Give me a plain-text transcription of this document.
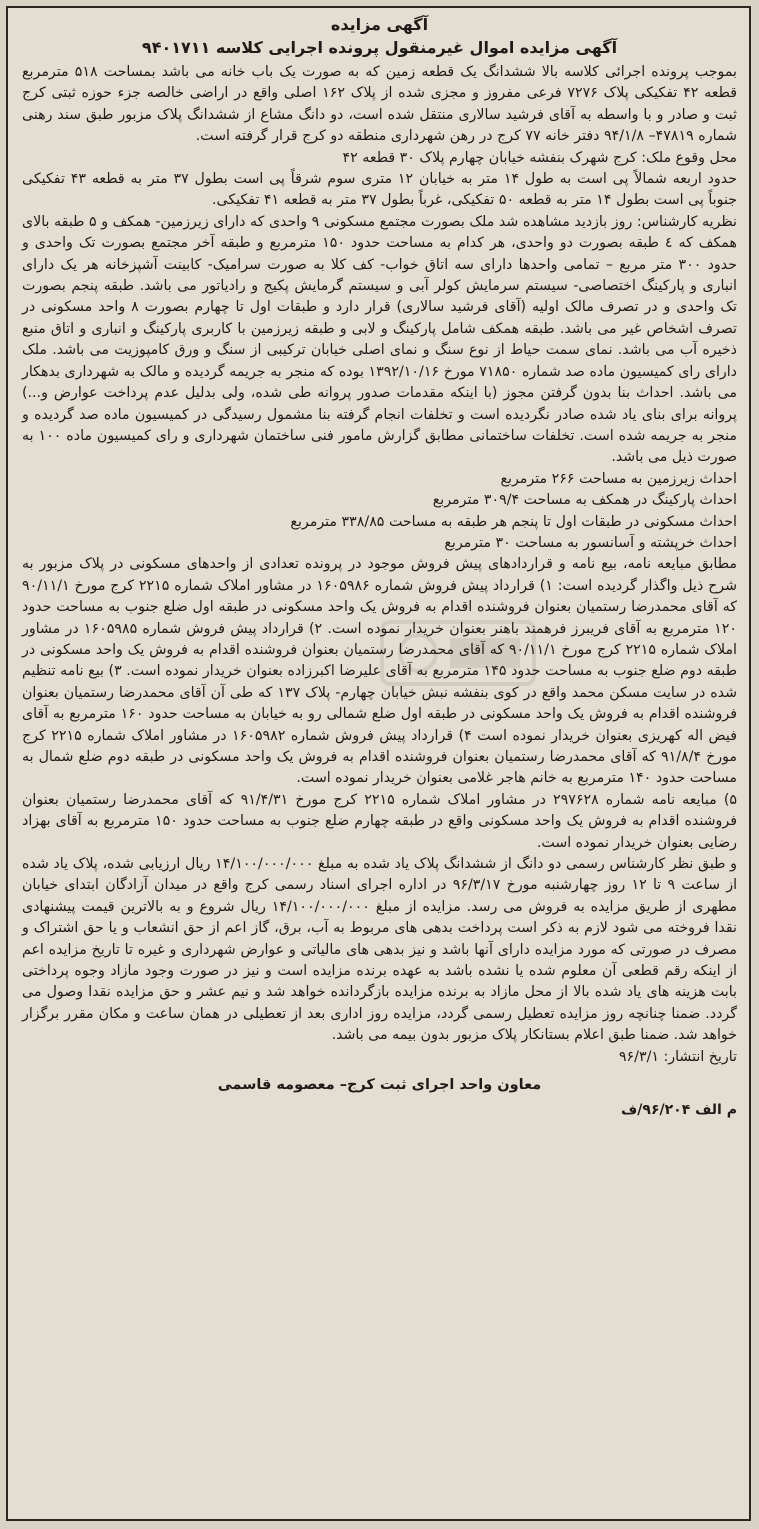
آگهی مزایده

آگهی مزایده اموال غیرمنقول پرونده اجرایی کلاسه ۹۴۰۱۷۱۱

بموجب پرونده اجرائی کلاسه بالا ششدانگ یک قطعه زمین که به صورت یک باب خانه می باشد بمساحت ۵۱۸ مترمربع قطعه ۴۲ تفکیکی پلاک ۷۲۷۶ فرعی مفروز و مجزی شده از پلاک ۱۶۲ اصلی واقع در اراضی خالصه جزء حوزه ثبتی کرج ثبت و صادر و با واسطه به آقای فرشید سالاری منتقل شده است، دو دانگ مشاع از ششدانگ پلاک مزبور طبق سند رهنی شماره ۴۷۸۱۹– ۹۴/۱/۸ دفتر خانه ۷۷ کرج در رهن شهرداری منطقه دو کرج قرار گرفته است.

محل وقوع ملک: کرج شهرک بنفشه خیابان چهارم پلاک ۳۰ قطعه ۴۲

حدود اربعه شمالاً پی است به طول ۱۴ متر به خیابان ۱۲ متری سوم شرقاً پی است بطول ۳۷ متر به قطعه ۴۳ تفکیکی جنوباً پی است بطول ۱۴ متر به قطعه ۵۰ تفکیکی، غرباً بطول ۳۷ متر به قطعه ۴۱ تفکیکی.

نظریه کارشناس: روز بازدید مشاهده شد ملک بصورت مجتمع مسکونی ۹ واحدی که دارای زیرزمین- همکف و ۵ طبقه بالای همکف که ٤ طبقه بصورت دو واحدی، هر کدام به مساحت حدود ۱۵۰ مترمربع و طبقه آخر مجتمع بصورت تک واحدی و حدود ۳۰۰ متر مربع – تمامی واحدها دارای سه اتاق خواب- کف کلا به صورت سرامیک- کابینت آشپزخانه هر یک دارای انباری و پارکینگ اختصاصی- سیستم سرمایش کولر آبی و سیستم گرمایش پکیج و رادیاتور می باشد. طبقه پنجم بصورت تک واحدی و در تصرف مالک اولیه (آقای فرشید سالاری) قرار دارد و طبقات اول تا چهارم بصورت ۸ واحد مسکونی در تصرف اشخاص غیر می باشد. طبقه همکف شامل پارکینگ و لابی و طبقه زیرزمین با کاربری پارکینگ و انباری و اتاق منبع ذخیره آب می باشد. نمای سمت حیاط از نوع سنگ و نمای اصلی خیابان ترکیبی از سنگ و ورق کامپوزیت می باشد. ملک دارای رای کمیسیون ماده صد شماره ۷۱۸۵۰ مورخ ۱۳۹۲/۱۰/۱۶ بوده که منجر به جریمه گردیده و مالک به شهرداری بدهکار می باشد. احداث بنا بدون گرفتن مجوز (با اینکه مقدمات صدور پروانه طی شده، ولی بدلیل عدم پرداخت عوارض و...) پروانه برای بنای یاد شده صادر نگردیده است و تخلفات انجام گرفته بنا مشمول رسیدگی در کمیسیون ماده صد گردیده و منجر به جریمه شده است. تخلفات ساختمانی مطابق گزارش مامور فنی ساختمان شهرداری و رای کمیسیون ماده ۱۰۰ به صورت ذیل می باشد.

احداث زیرزمین به مساحت ۲۶۶ مترمربع

احداث پارکینگ در همکف به مساحت ۳۰۹/۴ مترمربع

احداث مسکونی در طبقات اول تا پنجم هر طبقه به مساحت ۳۳۸/۸۵ مترمربع

احداث خرپشته و آسانسور به مساحت ۳۰ مترمربع

مطابق مبایعه نامه، بیع نامه و قراردادهای پیش فروش موجود در پرونده تعدادی از واحدهای مسکونی در پلاک مزبور به شرح ذیل واگذار گردیده است: ۱) قرارداد پیش فروش شماره ۱۶۰۵۹۸۶ در مشاور املاک شماره ۲۲۱۵ کرج مورخ ۹۰/۱۱/۱ که آقای محمدرضا رستمیان بعنوان فروشنده اقدام به فروش یک واحد مسکونی در طبقه اول ضلع جنوب به مساحت حدود ۱۲۰ مترمربع به آقای فریبرز فرهمند باهنر بعنوان خریدار نموده است. ۲) قرارداد پیش فروش شماره ۱۶۰۵۹۸۵ در مشاور املاک شماره ۲۲۱۵ کرج مورخ ۹۰/۱۱/۱ که آقای محمدرضا رستمیان بعنوان فروشنده اقدام به فروش یک واحد مسکونی در طبقه دوم ضلع جنوب به مساحت حدود ۱۴۵ مترمربع به آقای علیرضا اکبرزاده بعنوان خریدار نموده است. ۳) بیع نامه تنظیم شده در سایت مسکن محمد واقع در کوی بنفشه نبش خیابان چهارم- پلاک ۱۳۷ که طی آن آقای محمدرضا رستمیان بعنوان فروشنده اقدام به فروش یک واحد مسکونی در طبقه اول ضلع شمالی رو به خیابان به مساحت حدود ۱۶۰ مترمربع به آقای فیض اله کهریزی بعنوان خریدار نموده است ۴) قرارداد پیش فروش شماره ۱۶۰۵۹۸۲ در مشاور املاک شماره ۲۲۱۵ کرج مورخ ۹۱/۸/۴ که آقای محمدرضا رستمیان بعنوان فروشنده اقدام به فروش یک واحد مسکونی در طبقه دوم ضلع شمال به مساحت حدود ۱۴۰ مترمربع به خانم هاجر غلامی بعنوان خریدار نموده است.

۵) مبایعه نامه شماره ۲۹۷۶۲۸ در مشاور املاک شماره ۲۲۱۵ کرج مورخ ۹۱/۴/۳۱ که آقای محمدرضا رستمیان بعنوان فروشنده اقدام به فروش یک واحد مسکونی واقع در طبقه چهارم ضلع جنوب به مساحت حدود ۱۵۰ مترمربع به آقای بهزاد رضایی بعنوان خریدار نموده است.

و طبق نظر کارشناس رسمی دو دانگ از ششدانگ پلاک یاد شده به مبلغ ۱۴/۱۰۰/۰۰۰/۰۰۰ ریال ارزیابی شده، پلاک یاد شده از ساعت ۹ تا ۱۲ روز چهارشنبه مورخ ۹۶/۳/۱۷ در اداره اجرای اسناد رسمی کرج واقع در میدان آزادگان ابتدای خیابان مطهری از طریق مزایده به فروش می رسد. مزایده از مبلغ ۱۴/۱۰۰/۰۰۰/۰۰۰ ریال شروع و به بالاترین قیمت پیشنهادی نقدا فروخته می شود لازم به ذکر است پرداخت بدهی های مربوط به آب، برق، گاز اعم از حق انشعاب و یا حق اشتراک و مصرف در صورتی که مورد مزایده دارای آنها باشد و نیز بدهی های مالیاتی و عوارض شهرداری و غیره تا تاریخ مزایده اعم از اینکه رقم قطعی آن معلوم شده یا نشده باشد به عهده برنده مزایده است و نیز در صورت وجود مازاد وجوه پرداختی بابت هزینه های یاد شده بالا از محل مازاد به برنده مزایده بازگردانده خواهد شد و نیم عشر و حق مزایده نقدا وصول می گردد. ضمنا چنانچه روز مزایده تعطیل رسمی گردد، مزایده روز اداری بعد از تعطیلی در همان ساعت و مکان مقرر برگزار خواهد شد. ضمنا طبق اعلام بستانکار پلاک مزبور بدون بیمه می باشد.

تاریخ انتشار: ۹۶/۳/۱

معاون واحد اجرای ثبت کرج– معصومه قاسمی
م الف ۹۶/۲۰۴/ف
